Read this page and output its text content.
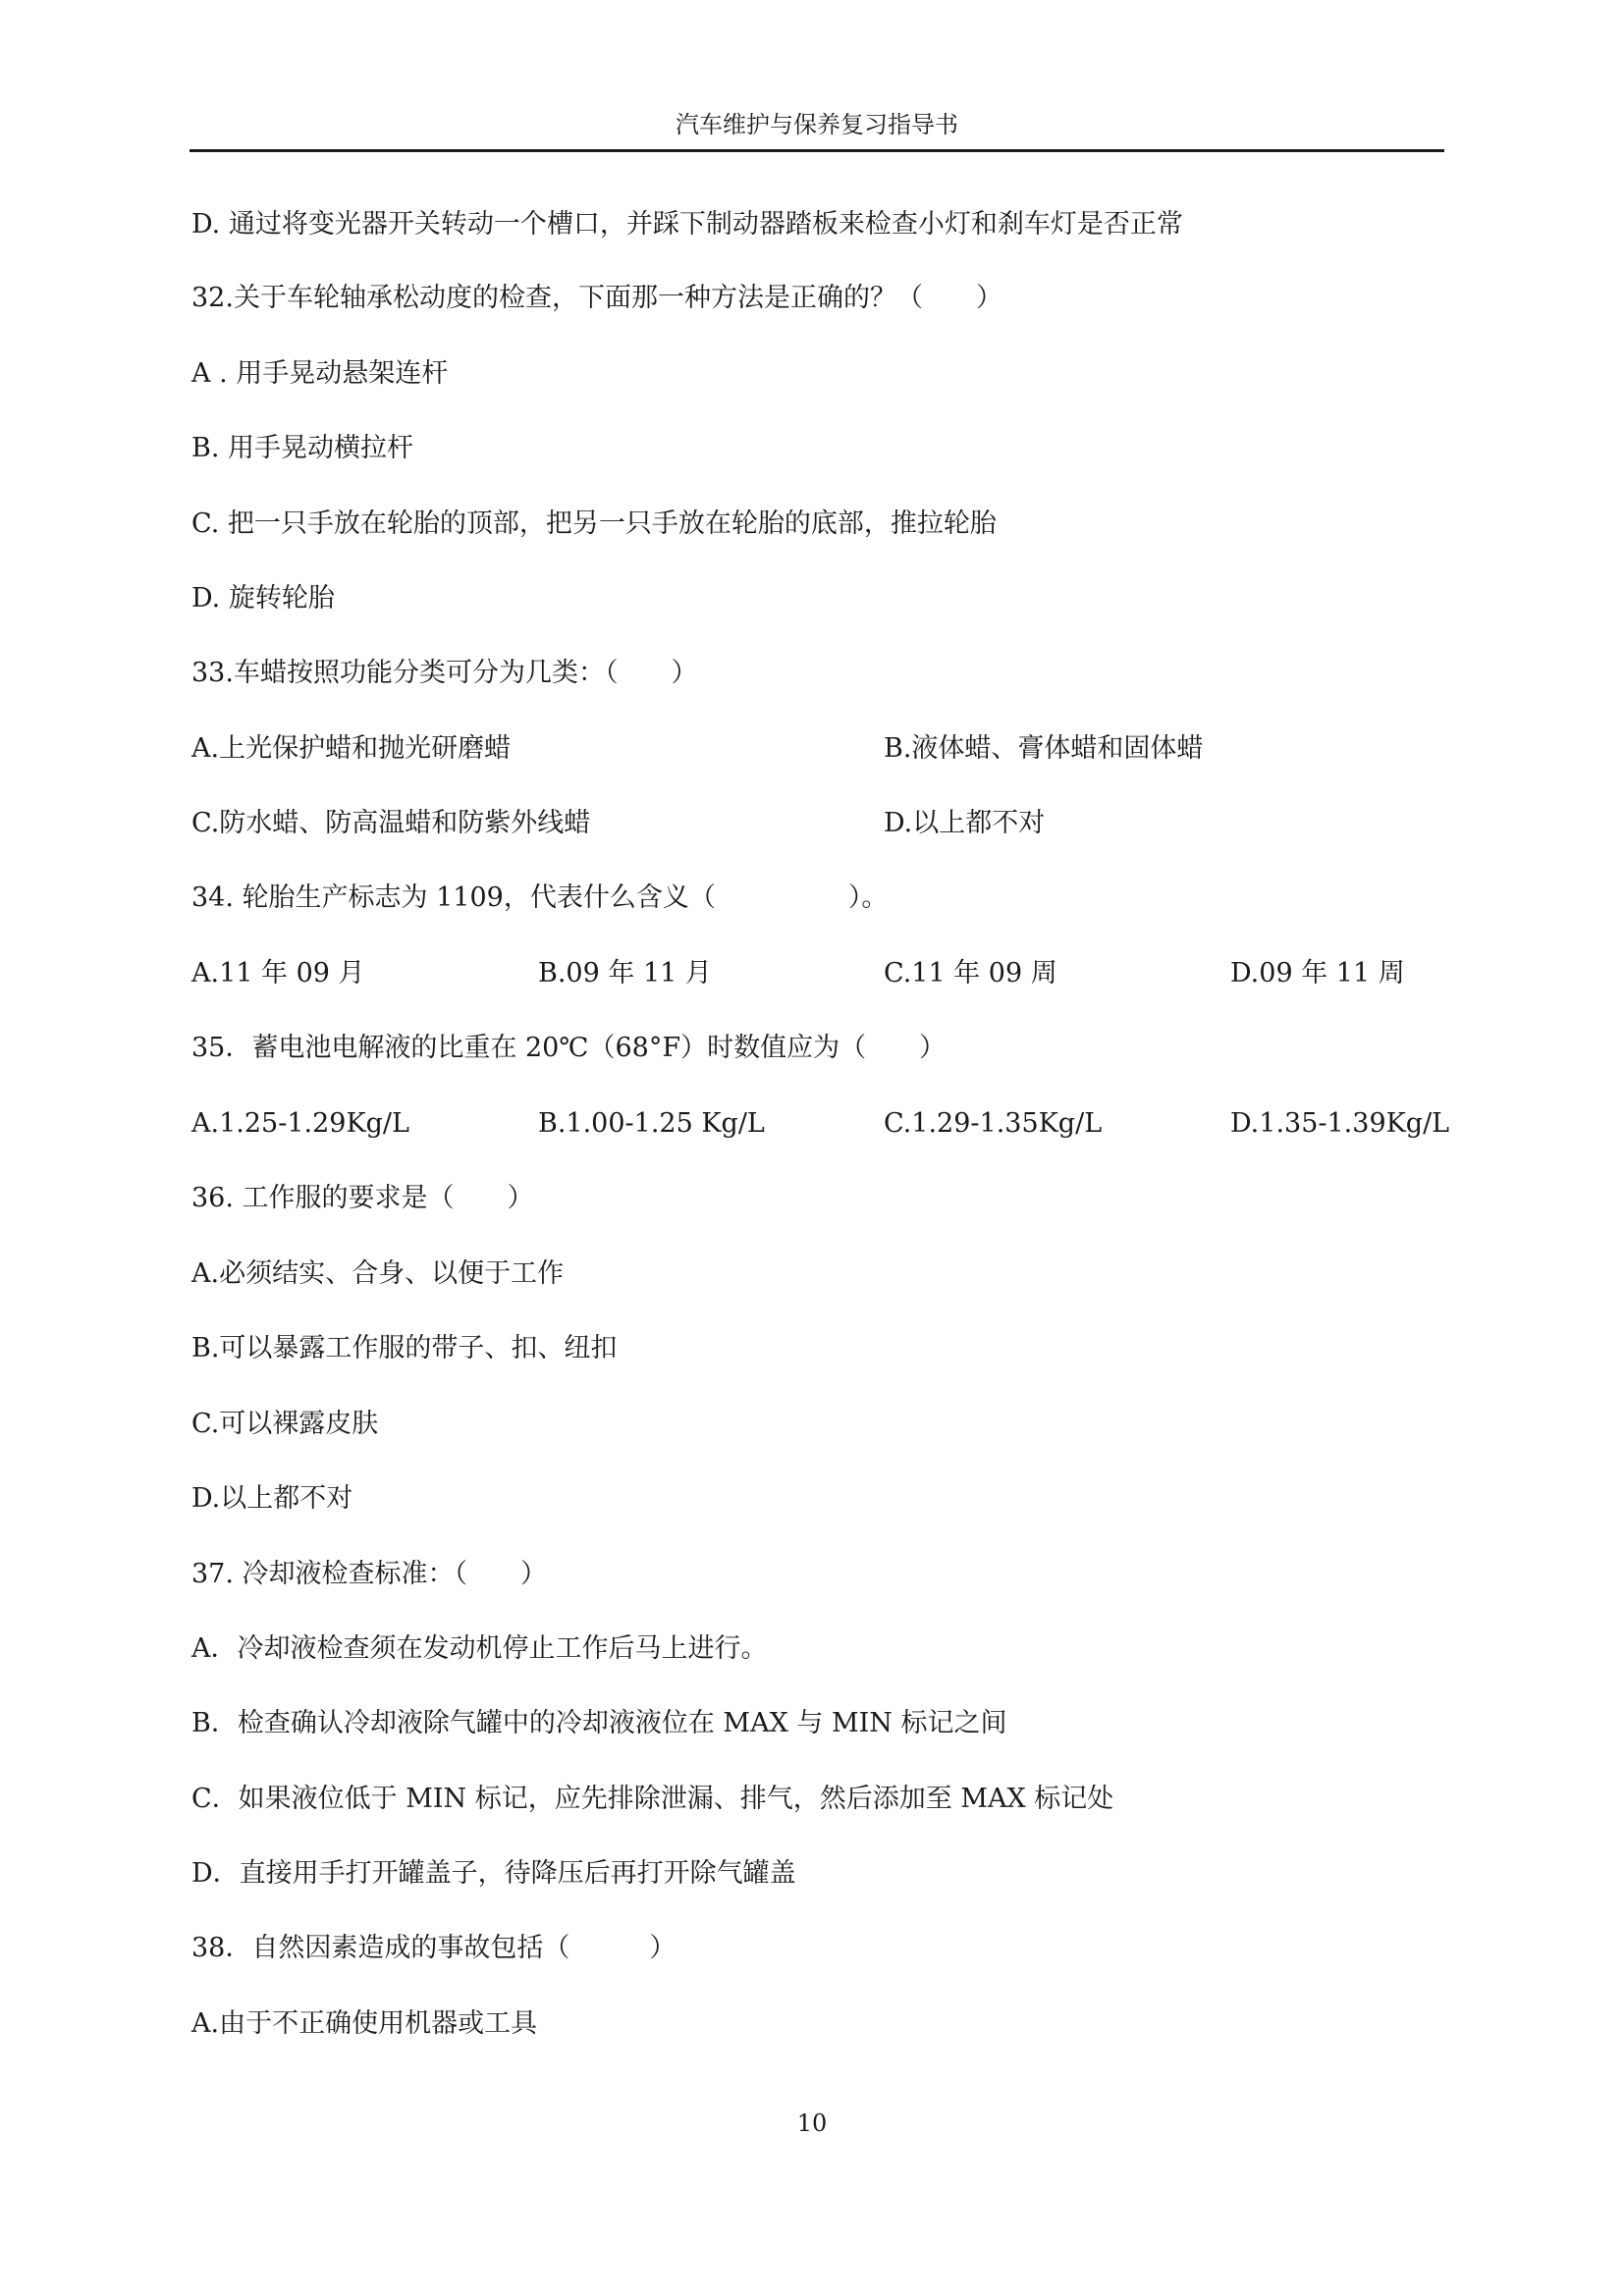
汽车维护与保养复习指导书
D. 通过将变光器开关转动一个槽口，并踩下制动器踏板来检查小灯和刹车灯是否正常
32.关于车轮轴承松动度的检查，下面那一种方法是正确的？（　　）
A . 用手晃动悬架连杆
B. 用手晃动横拉杆
C. 把一只手放在轮胎的顶部，把另一只手放在轮胎的底部，推拉轮胎
D. 旋转轮胎
33.车蜡按照功能分类可分为几类：（　　）
A.上光保护蜡和抛光研磨蜡	B.液体蜡、膏体蜡和固体蜡
C.防水蜡、防高温蜡和防紫外线蜡	D.以上都不对
34. 轮胎生产标志为 1109，代表什么含义（　　　　　）。
A.11 年 09 月	B.09 年 11 月	C.11 年 09 周	D.09 年 11 周
35．蓄电池电解液的比重在 20℃（68°F）时数值应为（　　）
A.1.25-1.29Kg/L	B.1.00-1.25 Kg/L	C.1.29-1.35Kg/L	D.1.35-1.39Kg/L
36. 工作服的要求是（　　）
A.必须结实、合身、以便于工作
B.可以暴露工作服的带子、扣、纽扣
C.可以裸露皮肤
D.以上都不对
37. 冷却液检查标准：（　　）
A．冷却液检查须在发动机停止工作后马上进行。
B．检查确认冷却液除气罐中的冷却液液位在 MAX 与 MIN 标记之间
C．如果液位低于 MIN 标记，应先排除泄漏、排气，然后添加至 MAX 标记处
D．直接用手打开罐盖子，待降压后再打开除气罐盖
38．自然因素造成的事故包括（　　　）
A.由于不正确使用机器或工具
10
